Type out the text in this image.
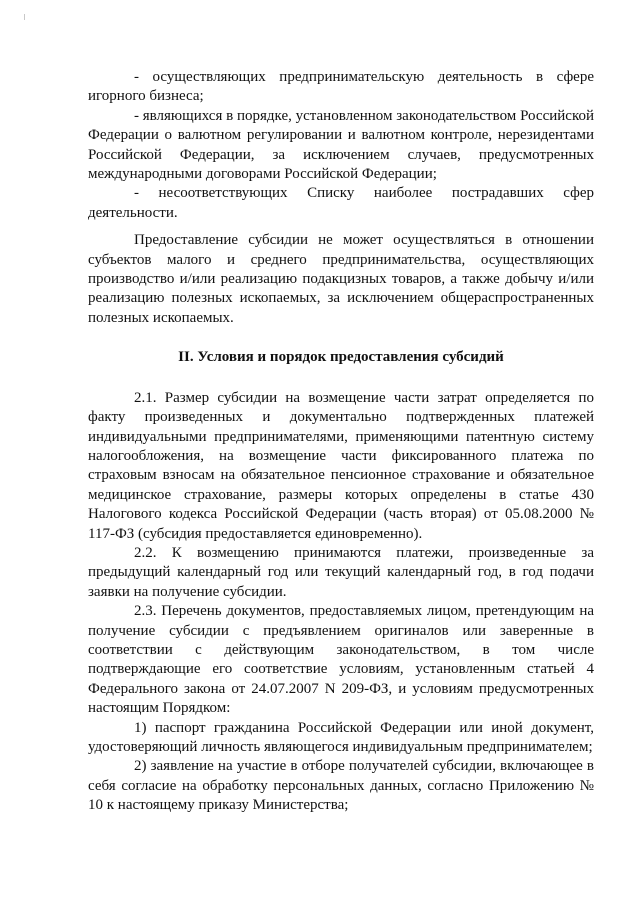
- осуществляющих предпринимательскую деятельность в сфере игорного бизнеса;

- являющихся в порядке, установленном законодательством Российской Федерации о валютном регулировании и валютном контроле, нерезидентами Российской Федерации, за исключением случаев, предусмотренных международными договорами Российской Федерации;

- несоответствующих Списку наиболее пострадавших сфер деятельности.

Предоставление субсидии не может осуществляться в отношении субъектов малого и среднего предпринимательства, осуществляющих производство и/или реализацию подакцизных товаров, а также добычу и/или реализацию полезных ископаемых, за исключением общераспространенных полезных ископаемых.

II. Условия и порядок предоставления субсидий

2.1. Размер субсидии на возмещение части затрат определяется по факту произведенных и документально подтвержденных платежей индивидуальными предпринимателями, применяющими патентную систему налогообложения, на возмещение части фиксированного платежа по страховым взносам на обязательное пенсионное страхование и обязательное медицинское страхование, размеры которых определены в статье 430 Налогового кодекса Российской Федерации (часть вторая) от 05.08.2000 № 117-ФЗ (субсидия предоставляется единовременно).

2.2. К возмещению принимаются платежи, произведенные за предыдущий календарный год или текущий календарный год, в год подачи заявки на получение субсидии.

2.3. Перечень документов, предоставляемых лицом, претендующим на получение субсидии с предъявлением оригиналов или заверенные в соответствии с действующим законодательством, в том числе подтверждающие его соответствие условиям, установленным статьей 4 Федерального закона от 24.07.2007 N 209-ФЗ, и условиям предусмотренных настоящим Порядком:

1) паспорт гражданина Российской Федерации или иной документ, удостоверяющий личность являющегося индивидуальным предпринимателем;

2) заявление на участие в отборе получателей субсидии, включающее в себя согласие на обработку персональных данных, согласно Приложению № 10 к настоящему приказу Министерства;
